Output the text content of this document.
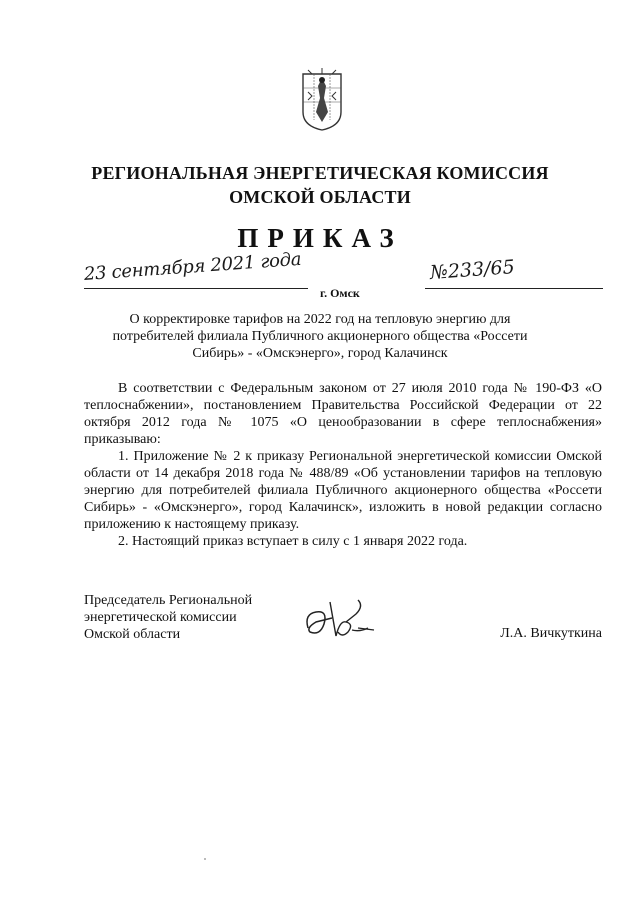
РЕГИОНАЛЬНАЯ ЭНЕРГЕТИЧЕСКАЯ КОМИССИЯ
ОМСКОЙ ОБЛАСТИ
ПРИКАЗ
23 сентября 2021 года	№233/65
г. Омск
О корректировке тарифов на 2022 год на тепловую энергию для потребителей филиала Публичного акционерного общества «Россети Сибирь» - «Омскэнерго», город Калачинск

В соответствии с Федеральным законом от 27 июля 2010 года № 190-ФЗ «О теплоснабжении», постановлением Правительства Российской Федерации от 22 октября 2012 года № 1075 «О ценообразовании в сфере теплоснабжения» приказываю:

1. Приложение № 2 к приказу Региональной энергетической комиссии Омской области от 14 декабря 2018 года № 488/89 «Об установлении тарифов на тепловую энергию для потребителей филиала Публичного акционерного общества «Россети Сибирь» - «Омскэнерго», город Калачинск», изложить в новой редакции согласно приложению к настоящему приказу.

2. Настоящий приказ вступает в силу с 1 января 2022 года.

Председатель Региональной
энергетической комиссии
Омской области	Л.А. Вичкуткина
